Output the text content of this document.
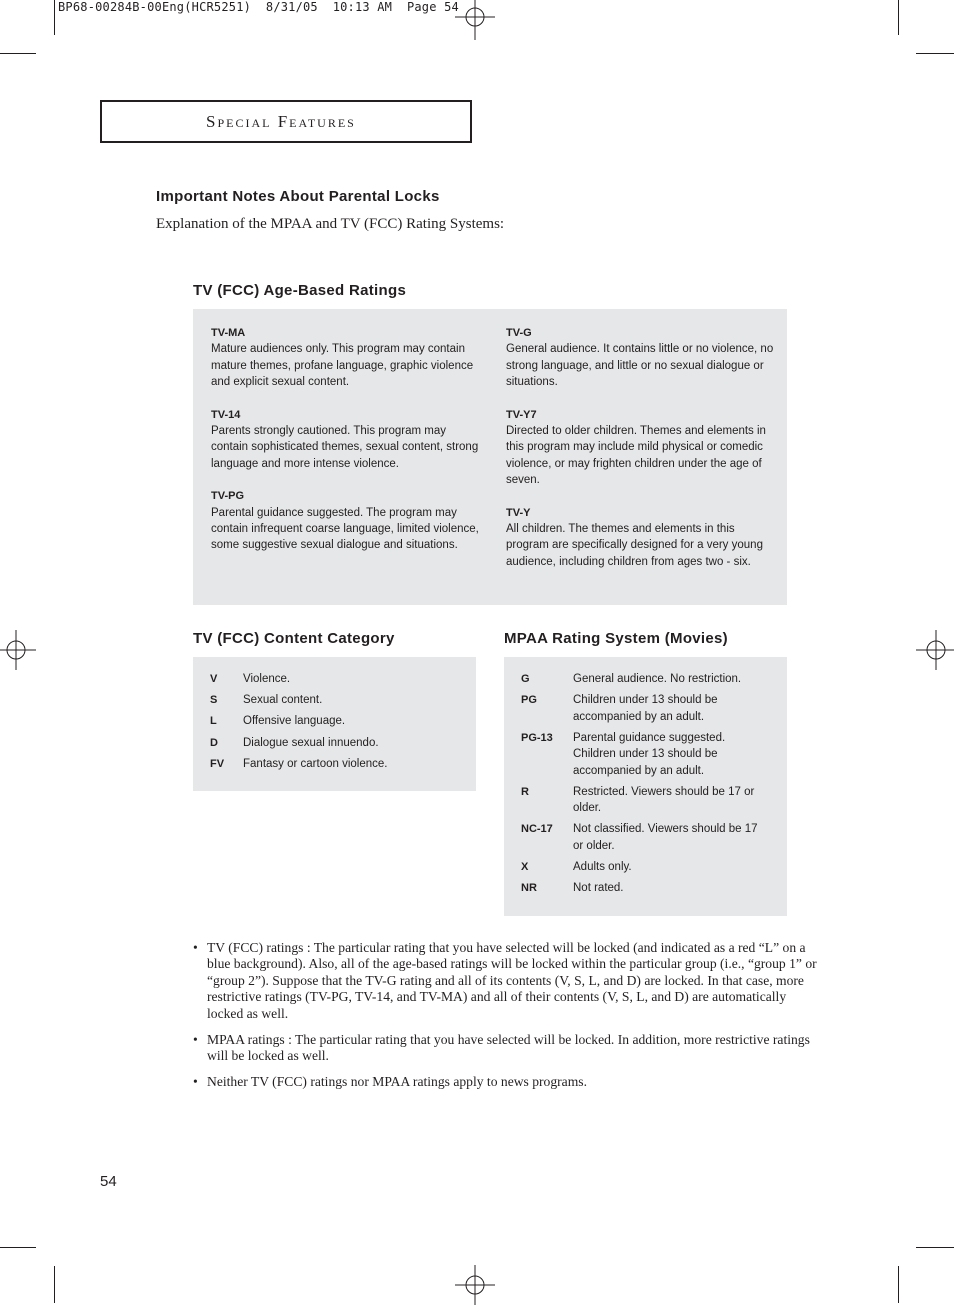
BP68-00284B-00Eng(HCR5251)  8/31/05  10:13 AM  Page 54
Special Features
Important Notes About Parental Locks
Explanation of the MPAA and TV (FCC) Rating Systems:
TV (FCC) Age-Based Ratings
TV-MA
Mature audiences only. This program may contain mature themes, profane language, graphic violence and explicit sexual content.
TV-14
Parents strongly cautioned. This program may contain sophisticated themes, sexual content, strong language and more intense violence.
TV-PG
Parental guidance suggested. The program may contain infrequent coarse language, limited violence, some suggestive sexual dialogue and situations.
TV-G
General audience. It contains little or no violence, no strong language, and little or no sexual dialogue or situations.
TV-Y7
Directed to older children. Themes and elements in this program may include mild physical or comedic violence, or may frighten children under the age of seven.
TV-Y
All children. The themes and elements in this program are specifically designed for a very young audience, including children from ages two - six.
TV (FCC) Content Category
V	Violence.
S	Sexual content.
L	Offensive language.
D	Dialogue sexual innuendo.
FV	Fantasy or cartoon violence.
MPAA Rating System (Movies)
G	General audience. No restriction.
PG	Children under 13 should be accompanied by an adult.
PG-13	Parental guidance suggested. Children under 13 should be accompanied by an adult.
R	Restricted. Viewers should be 17 or older.
NC-17	Not classified. Viewers should be 17 or older.
X	Adults only.
NR	Not rated.
• TV (FCC) ratings : The particular rating that you have selected will be locked (and indicated as a red “L” on a blue background). Also, all of the age-based ratings will be locked within the particular group (i.e., “group 1” or “group 2”). Suppose that the TV-G rating and all of its contents (V, S, L, and D) are locked. In that case, more restrictive ratings (TV-PG, TV-14, and TV-MA) and all of their contents (V, S, L, and D) are automatically locked as well.
• MPAA ratings : The particular rating that you have selected will be locked. In addition, more restrictive ratings will be locked as well.
• Neither TV (FCC) ratings nor MPAA ratings apply to news programs.
54
